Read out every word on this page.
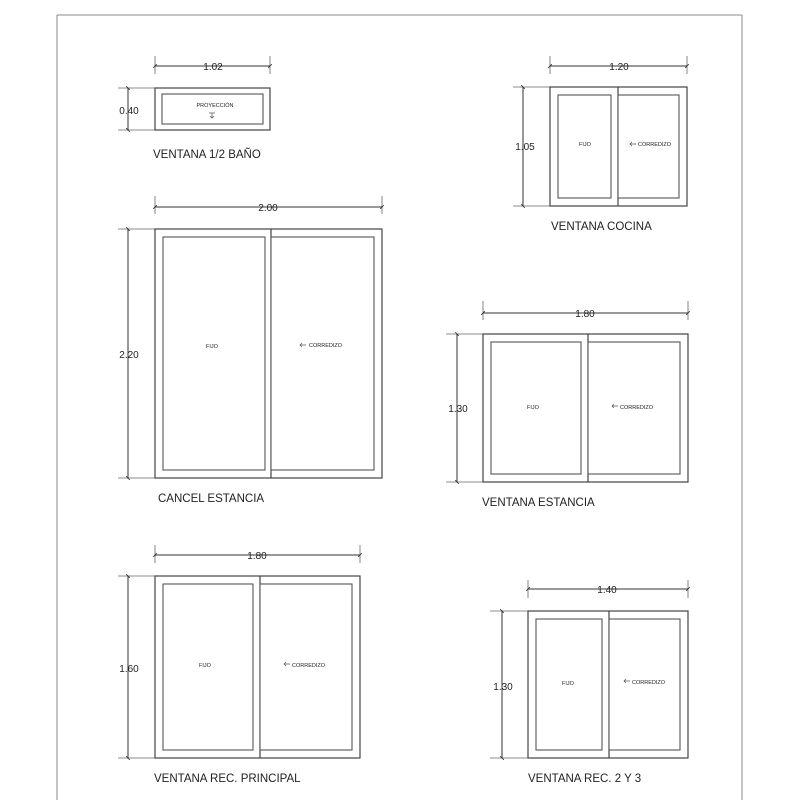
1.02
0.40	PROYECCIÓN
VENTANA 1/2 BAÑO
1.20
1.05	FIJO	CORREDIZO
VENTANA COCINA
2.00
2.20
FIJO	CORREDIZO
CANCEL ESTANCIA
1.80
1.30	FIJO	CORREDIZO
VENTANA ESTANCIA
1.80
1.60	FIJO	CORREDIZO
VENTANA REC. PRINCIPAL
1.40
1.30	FIJO	CORREDIZO
VENTANA REC. 2 Y 3
